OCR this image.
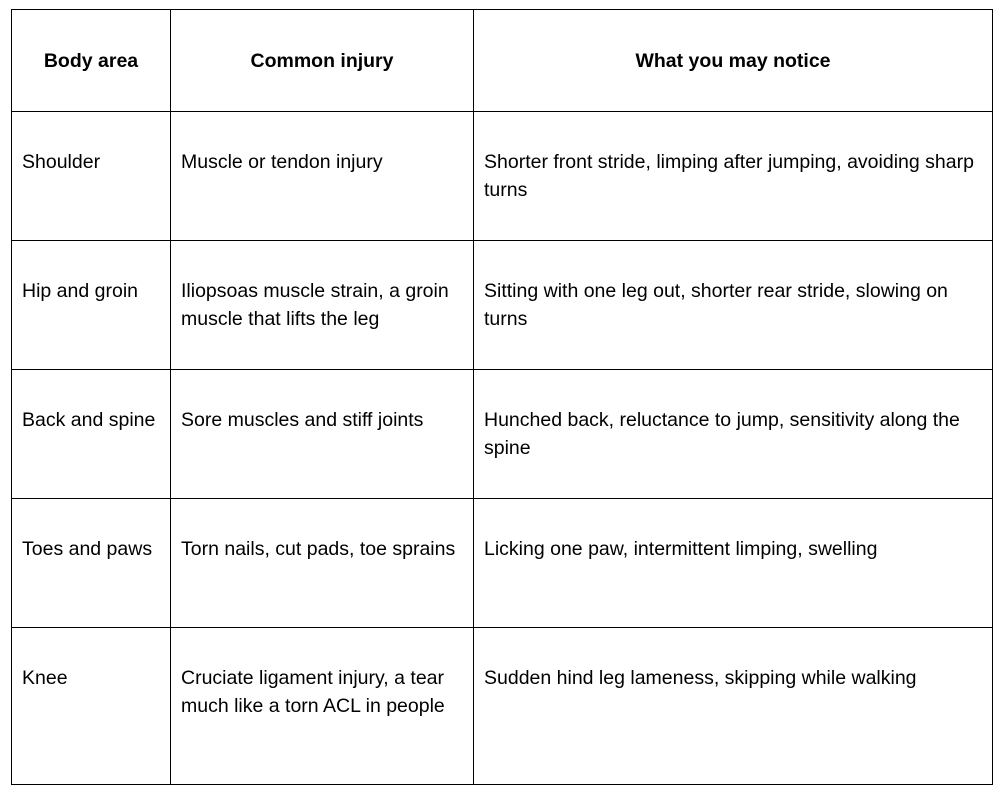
Body area	Common injury	What you may notice

Shoulder	Muscle or tendon injury	Shorter front stride, limping after jumping, avoiding sharp turns

Hip and groin	Iliopsoas muscle strain, a groin muscle that lifts the leg	Sitting with one leg out, shorter rear stride, slowing on turns

Back and spine	Sore muscles and stiff joints	Hunched back, reluctance to jump, sensitivity along the spine

Toes and paws	Torn nails, cut pads, toe sprains	Licking one paw, intermittent limping, swelling

Knee	Cruciate ligament injury, a tear much like a torn ACL in people	Sudden hind leg lameness, skipping while walking
